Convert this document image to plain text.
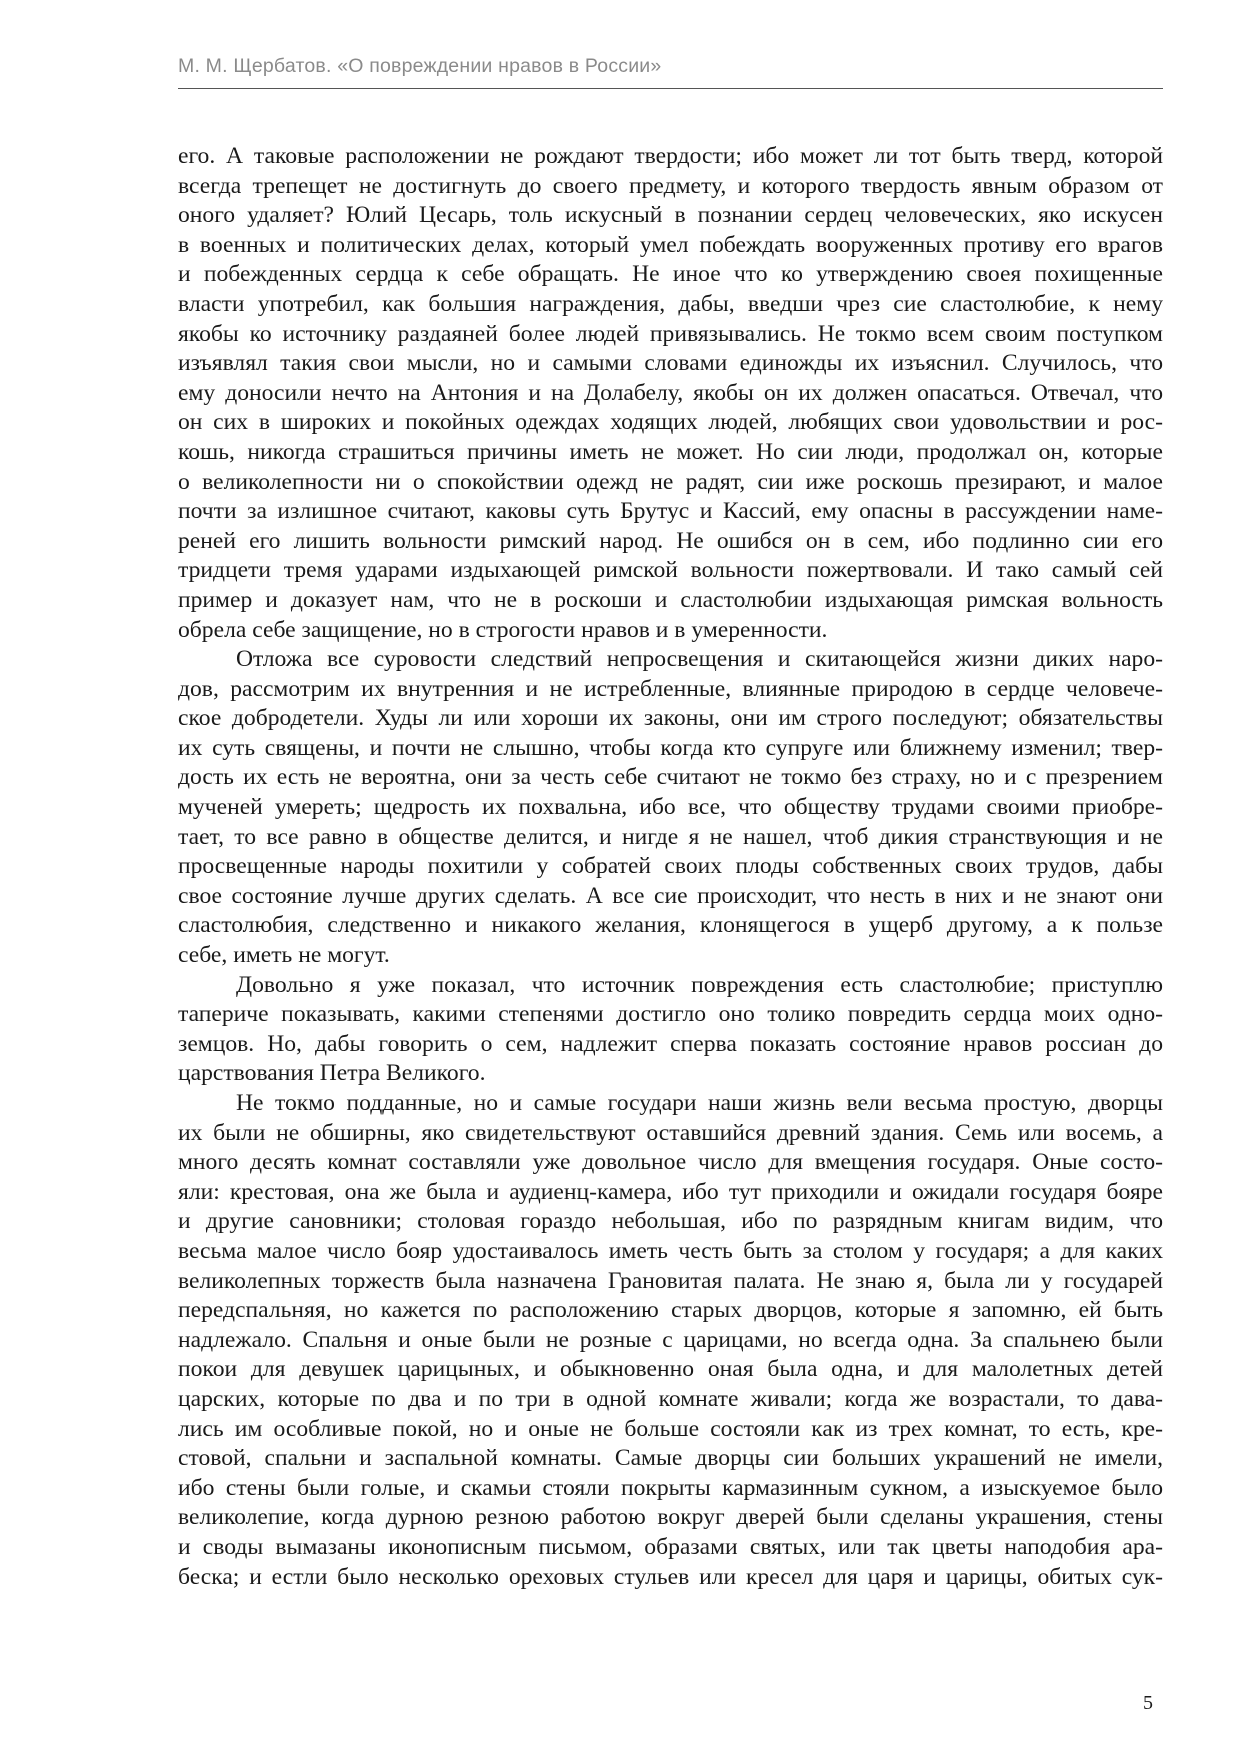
М. М. Щербатов. «О повреждении нравов в России»
его. А таковые расположении не рождают твердости; ибо может ли тот быть тверд, которой
всегда трепещет не достигнуть до своего предмету, и которого твердость явным образом от
оного удаляет? Юлий Цесарь, толь искусный в познании сердец человеческих, яко искусен
в военных и политических делах, который умел побеждать вооруженных противу его врагов
и побежденных сердца к себе обращать. Не иное что ко утверждению своея похищенные
власти употребил, как большия награждения, дабы, введши чрез сие сластолюбие, к нему
якобы ко источнику раздаяней более людей привязывались. Не токмо всем своим поступком
изъявлял такия свои мысли, но и самыми словами единожды их изъяснил. Случилось, что
ему доносили нечто на Антония и на Долабелу, якобы он их должен опасаться. Отвечал, что
он сих в широких и покойных одеждах ходящих людей, любящих свои удовольствии и рос-
кошь, никогда страшиться причины иметь не может. Но сии люди, продолжал он, которые
о великолепности ни о спокойствии одежд не радят, сии иже роскошь презирают, и малое
почти за излишное считают, каковы суть Брутус и Кассий, ему опасны в рассуждении наме-
реней его лишить вольности римский народ. Не ошибся он в сем, ибо подлинно сии его
тридцети тремя ударами издыхающей римской вольности пожертвовали. И тако самый сей
пример и доказует нам, что не в роскоши и сластолюбии издыхающая римская вольность
обрела себе защищение, но в строгости нравов и в умеренности.
Отложа все суровости следствий непросвещения и скитающейся жизни диких наро-
дов, рассмотрим их внутренния и не истребленные, влиянные природою в сердце человече-
ское добродетели. Худы ли или хороши их законы, они им строго последуют; обязательствы
их суть священы, и почти не слышно, чтобы когда кто супруге или ближнему изменил; твер-
дость их есть не вероятна, они за честь себе считают не токмо без страху, но и с презрением
мученей умереть; щедрость их похвальна, ибо все, что обществу трудами своими приобре-
тает, то все равно в обществе делится, и нигде я не нашел, чтоб дикия странствующия и не
просвещенные народы похитили у собратей своих плоды собственных своих трудов, дабы
свое состояние лучше других сделать. А все сие происходит, что несть в них и не знают они
сластолюбия, следственно и никакого желания, клонящегося в ущерб другому, а к пользе
себе, иметь не могут.
Довольно я уже показал, что источник повреждения есть сластолюбие; приступлю
тапериче показывать, какими степенями достигло оно толико повредить сердца моих одно-
земцов. Но, дабы говорить о сем, надлежит сперва показать состояние нравов россиан до
царствования Петра Великого.
Не токмо подданные, но и самые государи наши жизнь вели весьма простую, дворцы
их были не обширны, яко свидетельствуют оставшийся древний здания. Семь или восемь, а
много десять комнат составляли уже довольное число для вмещения государя. Оные состо-
яли: крестовая, она же была и аудиенц-камера, ибо тут приходили и ожидали государя бояре
и другие сановники; столовая гораздо небольшая, ибо по разрядным книгам видим, что
весьма малое число бояр удостаивалось иметь честь быть за столом у государя; а для каких
великолепных торжеств была назначена Грановитая палата. Не знаю я, была ли у государей
передспальняя, но кажется по расположению старых дворцов, которые я запомню, ей быть
надлежало. Спальня и оные были не розные с царицами, но всегда одна. За спальнею были
покои для девушек царицыных, и обыкновенно оная была одна, и для малолетных детей
царских, которые по два и по три в одной комнате живали; когда же возрастали, то дава-
лись им особливые покой, но и оные не больше состояли как из трех комнат, то есть, кре-
стовой, спальни и заспальной комнаты. Самые дворцы сии больших украшений не имели,
ибо стены были голые, и скамьи стояли покрыты кармазинным сукном, а изыскуемое было
великолепие, когда дурною резною работою вокруг дверей были сделаны украшения, стены
и своды вымазаны иконописным письмом, образами святых, или так цветы наподобия ара-
беска; и естли было несколько ореховых стульев или кресел для царя и царицы, обитых сук-
5
